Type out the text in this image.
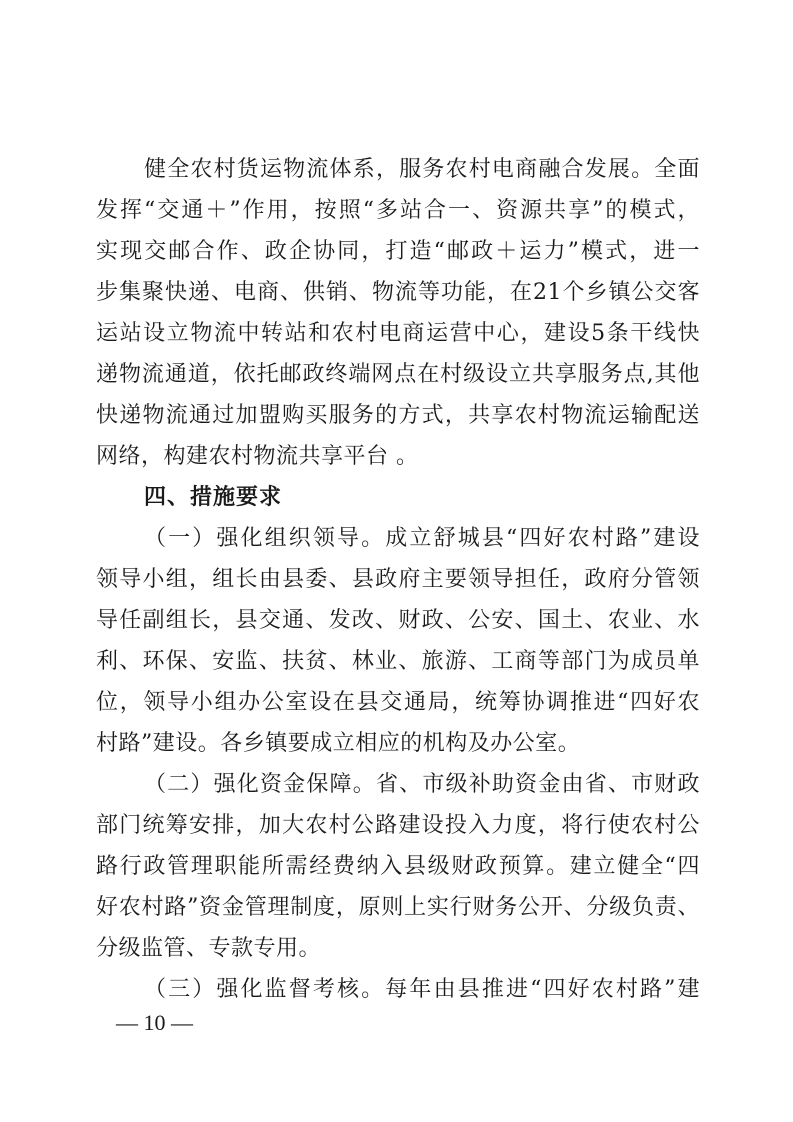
健全农村货运物流体系，服务农村电商融合发展。全面
发挥“交通＋”作用，按照“多站合一、资源共享”的模式，
实现交邮合作、政企协同，打造“邮政＋运力”模式，进一
步集聚快递、电商、供销、物流等功能，在21个乡镇公交客
运站设立物流中转站和农村电商运营中心，建设5条干线快
递物流通道，依托邮政终端网点在村级设立共享服务点,其他
快递物流通过加盟购买服务的方式，共享农村物流运输配送
网络，构建农村物流共享平台 。
四、措施要求
（一）强化组织领导。成立舒城县“四好农村路”建设
领导小组，组长由县委、县政府主要领导担任，政府分管领
导任副组长，县交通、发改、财政、公安、国土、农业、水
利、环保、安监、扶贫、林业、旅游、工商等部门为成员单
位，领导小组办公室设在县交通局，统筹协调推进“四好农
村路”建设。各乡镇要成立相应的机构及办公室。
（二）强化资金保障。省、市级补助资金由省、市财政
部门统筹安排，加大农村公路建设投入力度，将行使农村公
路行政管理职能所需经费纳入县级财政预算。建立健全“四
好农村路”资金管理制度，原则上实行财务公开、分级负责、
分级监管、专款专用。
（三）强化监督考核。每年由县推进“四好农村路”建
— 10 —
